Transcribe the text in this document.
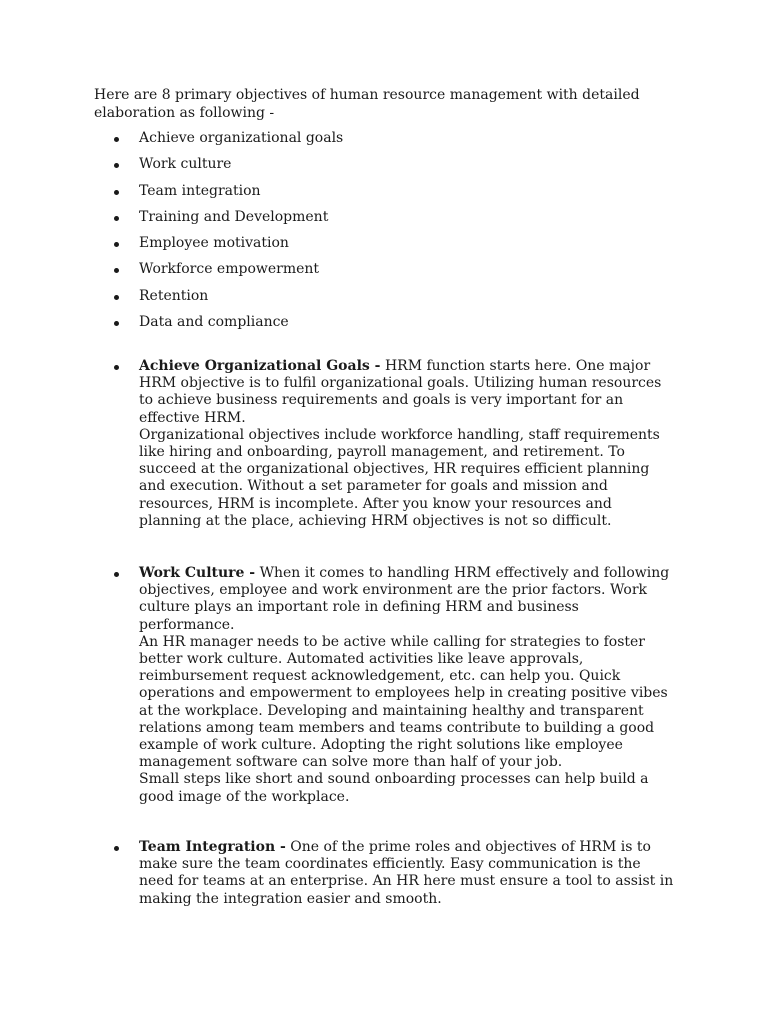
Here are 8 primary objectives of human resource management with detailed elaboration as following -

Achieve organizational goals
Work culture
Team integration
Training and Development
Employee motivation
Workforce empowerment
Retention
Data and compliance

Achieve Organizational Goals - HRM function starts here. One major HRM objective is to fulfil organizational goals. Utilizing human resources to achieve business requirements and goals is very important for an effective HRM.

Organizational objectives include workforce handling, staff requirements like hiring and onboarding, payroll management, and retirement. To succeed at the organizational objectives, HR requires efficient planning and execution. Without a set parameter for goals and mission and resources, HRM is incomplete. After you know your resources and planning at the place, achieving HRM objectives is not so difficult.

Work Culture - When it comes to handling HRM effectively and following objectives, employee and work environment are the prior factors. Work culture plays an important role in defining HRM and business performance.

An HR manager needs to be active while calling for strategies to foster better work culture. Automated activities like leave approvals, reimbursement request acknowledgement, etc. can help you. Quick operations and empowerment to employees help in creating positive vibes at the workplace. Developing and maintaining healthy and transparent relations among team members and teams contribute to building a good example of work culture. Adopting the right solutions like employee management software can solve more than half of your job.

Small steps like short and sound onboarding processes can help build a good image of the workplace.

Team Integration - One of the prime roles and objectives of HRM is to make sure the team coordinates efficiently. Easy communication is the need for teams at an enterprise. An HR here must ensure a tool to assist in making the integration easier and smooth.
